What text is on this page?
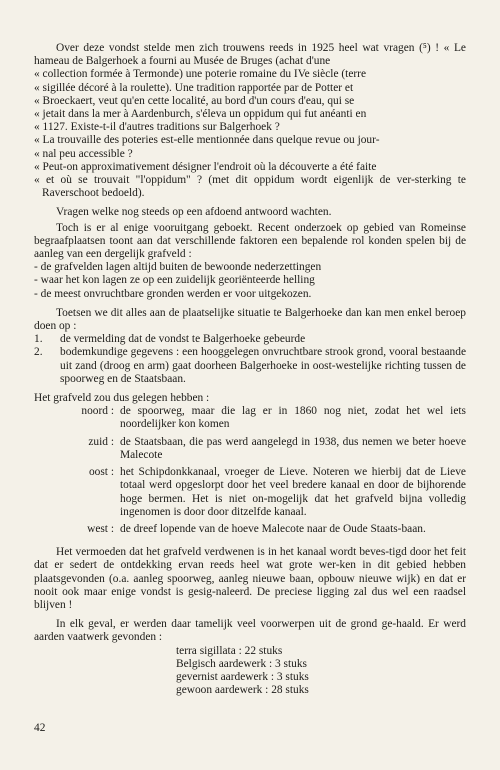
Over deze vondst stelde men zich trouwens reeds in 1925 heel wat vragen (⁵) ! « Le hameau de Balgerhoek a fourni au Musée de Bruges (achat d'une

« collection formée à Termonde) une poterie romaine du IVe siècle (terre
« sigillée décoré à la roulette). Une tradition rapportée par de Potter et
« Broeckaert, veut qu'en cette localité, au bord d'un cours d'eau, qui se
« jetait dans la mer à Aardenburch, s'éleva un oppidum qui fut anéanti en
« 1127. Existe-t-il d'autres traditions sur Balgerhoek ?
« La trouvaille des poteries est-elle mentionnée dans quelque revue ou jour-
« nal peu accessible ?
« Peut-on approximativement désigner l'endroit où la découverte a été faite
« et où se trouvait "l'oppidum" ? (met dit oppidum wordt eigenlijk de ver-sterking te Raverschoot bedoeld).

Vragen welke nog steeds op een afdoend antwoord wachten.

Toch is er al enige vooruitgang geboekt. Recent onderzoek op gebied van Romeinse begraafplaatsen toont aan dat verschillende faktoren een bepalende rol konden spelen bij de aanleg van een dergelijk grafveld :

- de grafvelden lagen altijd buiten de bewoonde nederzettingen
- waar het kon lagen ze op een zuidelijk georiënteerde helling
- de meest onvruchtbare gronden werden er voor uitgekozen.

Toetsen we dit alles aan de plaatselijke situatie te Balgerhoeke dan kan men enkel beroep doen op :

1.	de vermelding dat de vondst te Balgerhoeke gebeurde
2.	bodemkundige gegevens : een hooggelegen onvruchtbare strook grond, vooral bestaande uit zand (droog en arm) gaat doorheen Balgerhoeke in oost-westelijke richting tussen de spoorweg en de Staatsbaan.

Het grafveld zou dus gelegen hebben :

noord :	de spoorweg, maar die lag er in 1860 nog niet, zodat het wel iets noordelijker kon komen
zuid :	de Staatsbaan, die pas werd aangelegd in 1938, dus nemen we beter hoeve Malecote
oost :	het Schipdonkkanaal, vroeger de Lieve. Noteren we hierbij dat de Lieve totaal werd opgeslorpt door het veel bredere kanaal en door de bijhorende hoge bermen. Het is niet on-mogelijk dat het grafveld bijna volledig ingenomen is door door ditzelfde kanaal.
west :	de dreef lopende van de hoeve Malecote naar de Oude Staats-baan.

Het vermoeden dat het grafveld verdwenen is in het kanaal wordt beves-tigd door het feit dat er sedert de ontdekking ervan reeds heel wat grote wer-ken in dit gebied hebben plaatsgevonden (o.a. aanleg spoorweg, aanleg nieuwe baan, opbouw nieuwe wijk) en dat er nooit ook maar enige vondst is gesig-naleerd. De preciese ligging zal dus wel een raadsel blijven !

In elk geval, er werden daar tamelijk veel voorwerpen uit de grond ge-haald. Er werd aarden vaatwerk gevonden :

terra sigillata : 22 stuks
Belgisch aardewerk : 3 stuks
gevernist aardewerk : 3 stuks
gewoon aardewerk : 28 stuks
42
